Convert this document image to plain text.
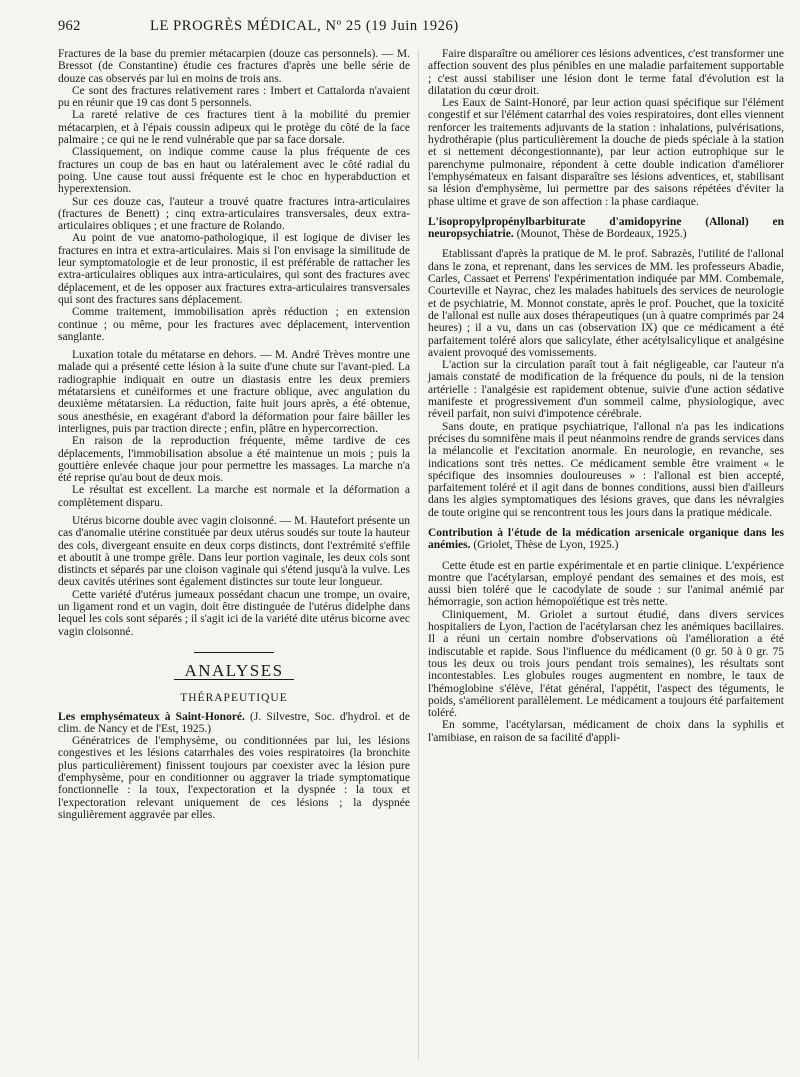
962	LE PROGRÈS MÉDICAL, Nº 25 (19 Juin 1926)

Fractures de la base du premier métacarpien (douze cas personnels). — M. Bressot (de Constantine) étudie ces fractures d'après une belle série de douze cas observés par lui en moins de trois ans.

Ce sont des fractures relativement rares : Imbert et Cattalorda n'avaient pu en réunir que 19 cas dont 5 personnels.

La rareté relative de ces fractures tient à la mobilité du premier métacarpien, et à l'épais coussin adipeux qui le protège du côté de la face palmaire ; ce qui ne le rend vulnérable que par sa face dorsale.

Classiquement, on indique comme cause la plus fréquente de ces fractures un coup de bas en haut ou latéralement avec le côté radial du poing. Une cause tout aussi fréquente est le choc en hyperabduction et hyperextension.

Sur ces douze cas, l'auteur a trouvé quatre fractures intra-articulaires (fractures de Benett) ; cinq extra-articulaires transversales, deux extra-articulaires obliques ; et une fracture de Rolando.

Au point de vue anatomo-pathologique, il est logique de diviser les fractures en intra et extra-articulaires. Mais si l'on envisage la similitude de leur symptomatologie et de leur pronostic, il est préférable de rattacher les extra-articulaires obliques aux intra-articulaires, qui sont des fractures avec déplacement, et de les opposer aux fractures extra-articulaires transversales qui sont des fractures sans déplacement.

Comme traitement, immobilisation après réduction ; en extension continue ; ou même, pour les fractures avec déplacement, intervention sanglante.

Luxation totale du métatarse en dehors. — M. André Trèves montre une malade qui a présenté cette lésion à la suite d'une chute sur l'avant-pied. La radiographie indiquait en outre un diastasis entre les deux premiers métatarsiens et cunéiformes et une fracture oblique, avec angulation du deuxième métatarsien. La réduction, faite huit jours après, a été obtenue, sous anesthésie, en exagérant d'abord la déformation pour faire bâiller les interlignes, puis par traction directe ; enfin, plâtre en hypercorrection.

En raison de la reproduction fréquente, même tardive de ces déplacements, l'immobilisation absolue a été maintenue un mois ; puis la gouttière enlevée chaque jour pour permettre les massages. La marche n'a été reprise qu'au bout de deux mois.

Le résultat est excellent. La marche est normale et la déformation a complètement disparu.

Utérus bicorne double avec vagin cloisonné. — M. Hautefort présente un cas d'anomalie utérine constituée par deux utérus soudés sur toute la hauteur des cols, divergeant ensuite en deux corps distincts, dont l'extrémité s'effile et aboutit à une trompe grêle. Dans leur portion vaginale, les deux cols sont distincts et séparés par une cloison vaginale qui s'étend jusqu'à la vulve. Les deux cavités utérines sont également distinctes sur toute leur longueur.

Cette variété d'utérus jumeaux possédant chacun une trompe, un ovaire, un ligament rond et un vagin, doit être distinguée de l'utérus didelphe dans lequel les cols sont séparés ; il s'agit ici de la variété dite utérus bicorne avec vagin cloisonné.

ANALYSES
THÉRAPEUTIQUE

Les emphysémateux à Saint-Honoré. (J. Silvestre, Soc. d'hydrol. et de clim. de Nancy et de l'Est, 1925.)

Génératrices de l'emphysème, ou conditionnées par lui, les lésions congestives et les lésions catarrhales des voies respiratoires (la bronchite plus particulièrement) finissent toujours par coexister avec la lésion pure d'emphysème, pour en conditionner ou aggraver la triade symptomatique fonctionnelle : la toux, l'expectoration et la dyspnée : la toux et l'expectoration relevant uniquement de ces lésions ; la dyspnée singulièrement aggravée par elles.

Faire disparaître ou améliorer ces lésions adventices, c'est transformer une affection souvent des plus pénibles en une maladie parfaitement supportable ; c'est aussi stabiliser une lésion dont le terme fatal d'évolution est la dilatation du cœur droit.

Les Eaux de Saint-Honoré, par leur action quasi spécifique sur l'élément congestif et sur l'élément catarrhal des voies respiratoires, dont elles viennent renforcer les traitements adjuvants de la station : inhalations, pulvérisations, hydrothérapie (plus particulièrement la douche de pieds spéciale à la station et si nettement décongestionnante), par leur action eutrophique sur le parenchyme pulmonaire, répondent à cette double indication d'améliorer l'emphysémateux en faisant disparaître ses lésions adventices, et, stabilisant sa lésion d'emphysème, lui permettre par des saisons répétées d'éviter la phase ultime et grave de son affection : la phase cardiaque.

L'isopropylpropénylbarbiturate d'amidopyrine (Allonal) en neuropsychiatrie. (Mounot, Thèse de Bordeaux, 1925.)

Etablissant d'après la pratique de M. le prof. Sabrazès, l'utilité de l'allonal dans le zona, et reprenant, dans les services de MM. les professeurs Abadie, Carles, Cassaet et Perrens' l'expérimentation indiquée par MM. Combemale, Courteville et Nayrac, chez les malades habituels des services de neurologie et de psychiatrie, M. Monnot constate, après le prof. Pouchet, que la toxicité de l'allonal est nulle aux doses thérapeutiques (un à quatre comprimés par 24 heures) ; il a vu, dans un cas (observation IX) que ce médicament a été parfaitement toléré alors que salicylate, éther acétylsalicylique et analgésine avaient provoqué des vomissements.

L'action sur la circulation paraît tout à fait négligeable, car l'auteur n'a jamais constaté de modification de la fréquence du pouls, ni de la tension artérielle : l'analgésie est rapidement obtenue, suivie d'une action sédative manifeste et progressivement d'un sommeil calme, physiologique, avec réveil parfait, non suivi d'impotence cérébrale.

Sans doute, en pratique psychiatrique, l'allonal n'a pas les indications précises du somnifène mais il peut néanmoins rendre de grands services dans la mélancolie et l'excitation anormale. En neurologie, en revanche, ses indications sont très nettes. Ce médicament semble être vraiment « le spécifique des insomnies douloureuses » : l'allonal est bien accepté, parfaitement toléré et il agit dans de bonnes conditions, aussi bien d'ailleurs dans les algies symptomatiques des lésions graves, que dans les névralgies de toute origine qui se rencontrent tous les jours dans la pratique médicale.

Contribution à l'étude de la médication arsenicale organique dans les anémies. (Griolet, Thèse de Lyon, 1925.)

Cette étude est en partie expérimentale et en partie clinique. L'expérience montre que l'acétylarsan, employé pendant des semaines et des mois, est aussi bien toléré que le cacodylate de soude : sur l'animal anémié par hémorragie, son action hémopoïétique est très nette.

Cliniquement, M. Griolet a surtout étudié, dans divers services hospitaliers de Lyon, l'action de l'acétylarsan chez les anémiques bacillaires. Il a réuni un certain nombre d'observations où l'amélioration a été indiscutable et rapide. Sous l'influence du médicament (0 gr. 50 à 0 gr. 75 tous les deux ou trois jours pendant trois semaines), les résultats sont incontestables. Les globules rouges augmentent en nombre, le taux de l'hémoglobine s'élève, l'état général, l'appétit, l'aspect des téguments, le poids, s'améliorent parallèlement. Le médicament a toujours été parfaitement toléré.

En somme, l'acétylarsan, médicament de choix dans la syphilis et l'amibiase, en raison de sa facilité d'appli-
